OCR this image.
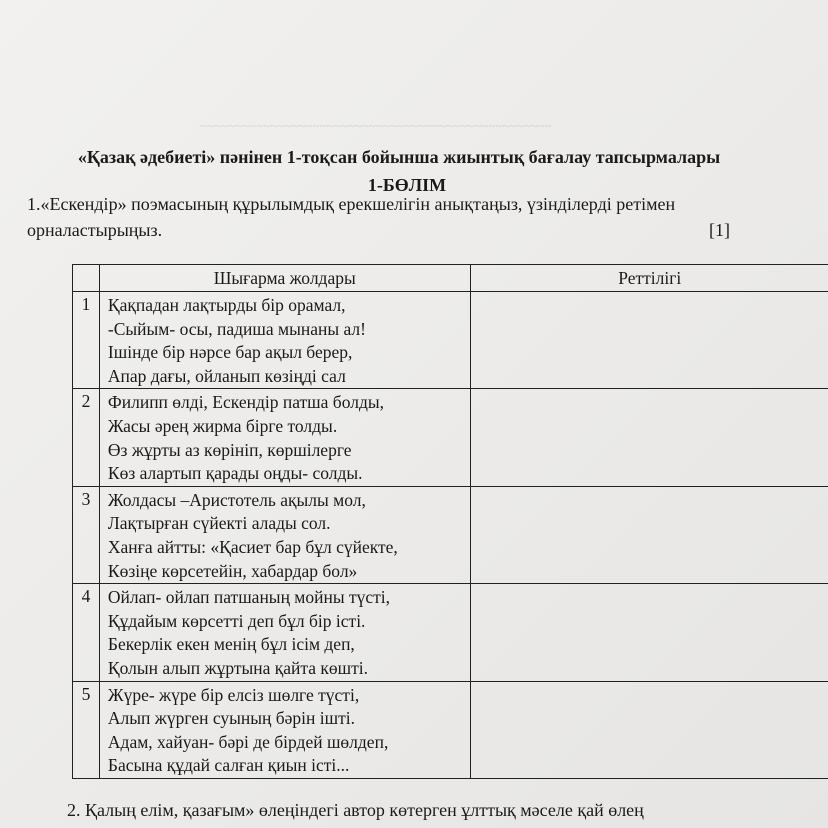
~~~~~~~~~~~~~~~~~~~~~~~~~~~~~~~~~~~~~~~~~~~~~~~~~~
«Қазақ әдебиеті» пәнінен 1-тоқсан бойынша жиынтық бағалау тапсырмалары
1-БӨЛІМ
1.«Ескендір» поэмасының құрылымдық ерекшелігін анықтаңыз, үзінділерді ретімен
орналастырыңыз.	[1]
	Шығарма жолдары	Реттілігі

1	Қақпадан лақтырды бір орамал,
-Сыйым- осы, падиша мынаны ал!
Ішінде бір нәрсе бар ақыл берер,
Апар дағы, ойланып көзіңді сал	

2	Филипп өлді, Ескендір патша болды,
Жасы әрең жирма бірге толды.
Өз жұрты аз көрініп, көршілерге
Көз алартып қарады оңды- солды.	

3	Жолдасы –Аристотель ақылы мол,
Лақтырған сүйекті алады сол.
Ханға айтты: «Қасиет бар бұл сүйекте,
Көзіңе көрсетейін, хабардар бол»	

4	Ойлап- ойлап патшаның мойны түсті,
Құдайым көрсетті деп бұл бір істі.
Бекерлік екен менің бұл ісім деп,
Қолын алып жұртына қайта көшті.	

5	Жүре- жүре бір елсіз шөлге түсті,
Алып жүрген суының бәрін ішті.
Адам, хайуан- бәрі де бірдей шөлдеп,
Басына құдай салған қиын істі...	

2. Қалың елім, қазағым» өлеңіндегі автор көтерген ұлттық мәселе қай өлең
